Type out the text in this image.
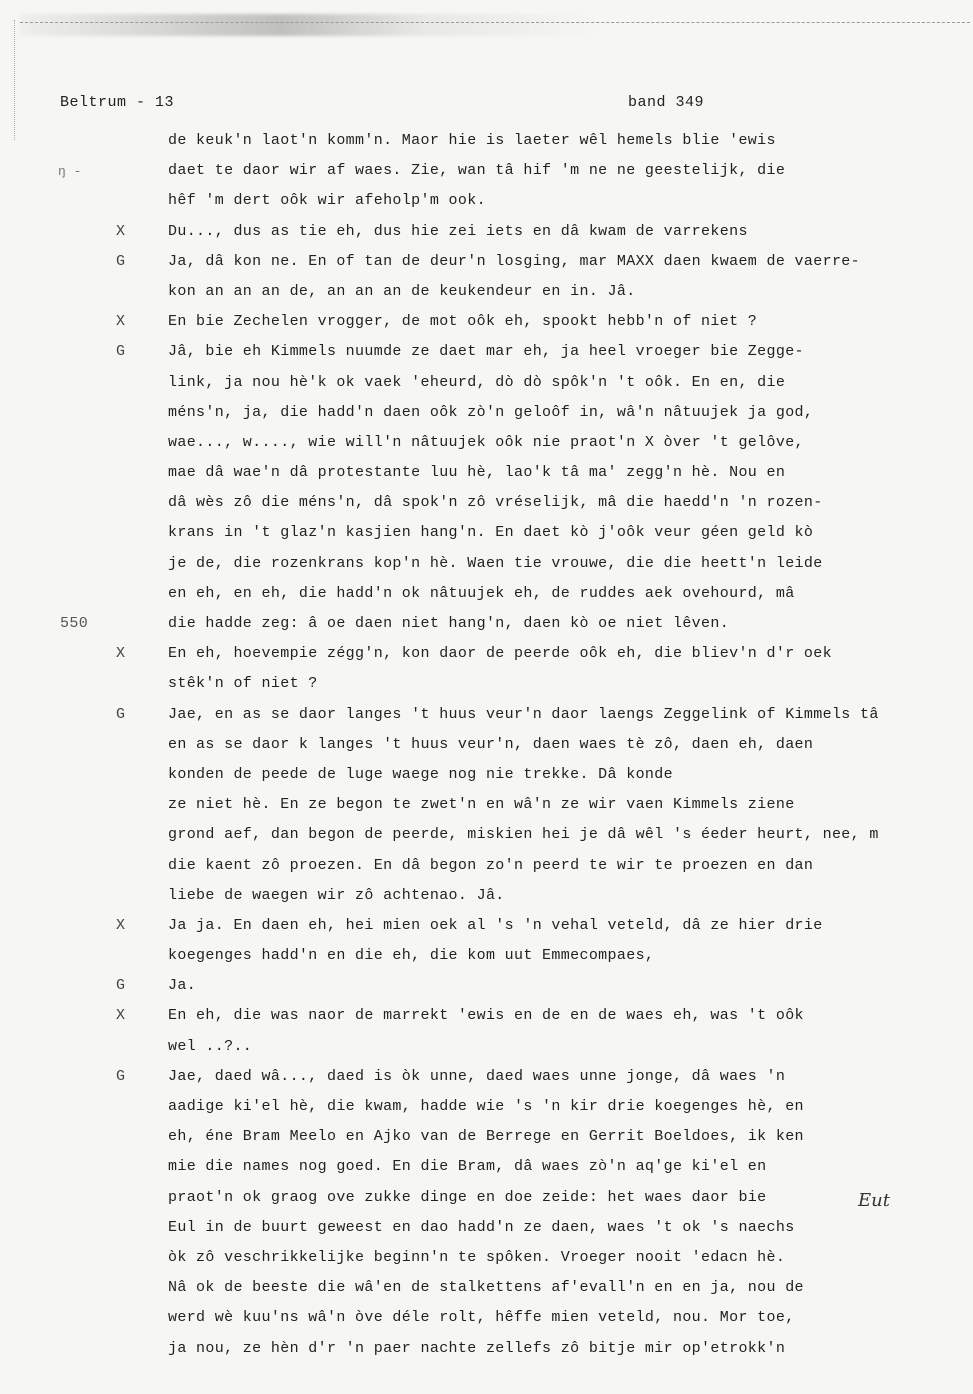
Beltrum - 13	band 349
ŋ -
de keuk'n laot'n komm'n. Maor hie is laeter wêl hemels blie 'ewis
daet te daor wir af waes. Zie, wan tâ hif 'm ne ne geestelijk, die
hêf 'm dert oôk wir afeholp'm ook.
X	Du..., dus as tie eh, dus hie zei iets en dâ kwam de varrekens
G	Ja, dâ kon ne. En of tan de deur'n losging, mar MAXX daen kwaem de vaerre-
kon an an an de, an an an de keukendeur en in. Jâ.
X	En bie Zechelen vrogger, de mot oôk eh, spookt hebb'n of niet ?
G	Jâ, bie eh Kimmels nuumde ze daet mar eh, ja heel vroeger bie Zegge-
link, ja nou hè'k ok vaek 'eheurd, dò dò spôk'n 't oôk. En en, die
méns'n, ja, die hadd'n daen oôk zò'n geloôf in, wâ'n nâtuujek ja god,
wae..., w...., wie will'n nâtuujek oôk nie praot'n X òver 't gelôve,
mae dâ wae'n dâ protestante luu hè, lao'k tâ ma' zegg'n hè. Nou en
dâ wès zô die méns'n, dâ spok'n zô vréselijk, mâ die haedd'n 'n rozen-
krans in 't glaz'n kasjien hang'n. En daet kò j'oôk veur géen geld kò
je de, die rozenkrans kop'n hè. Waen tie vrouwe, die die heett'n leide
en eh, en eh, die hadd'n ok nâtuujek eh, de ruddes aek ovehourd, mâ
550	die hadde zeg: â oe daen niet hang'n, daen kò oe niet lêven.
X	En eh, hoevempie zégg'n, kon daor de peerde oôk eh, die bliev'n d'r oek
stêk'n of niet ?
G	Jae, en as se daor langes 't huus veur'n daor laengs Zeggelink of Kimmels tâ
en as se daor k langes 't huus veur'n, daen waes tè zô, daen eh, daen
konden de peede de luge waege nog nie trekke. Dâ konde
ze niet hè. En ze begon te zwet'n en wâ'n ze wir vaen Kimmels ziene
grond aef, dan begon de peerde, miskien hei je dâ wêl 's éeder heurt, nee, m
die kaent zô proezen. En dâ begon zo'n peerd te wir te proezen en dan
liebe de waegen wir zô achtenao. Jâ.
X	Ja ja. En daen eh, hei mien oek al 's 'n vehal veteld, dâ ze hier drie
koegenges hadd'n en die eh, die kom uut Emmecompaes,
G	Ja.
X	En eh, die was naor de marrekt 'ewis en de en de waes eh, was 't oôk
wel ..?..
G	Jae, daed wâ..., daed is òk unne, daed waes unne jonge, dâ waes 'n
aadige ki'el hè, die kwam, hadde wie 's 'n kir drie koegenges hè, en
eh, éne Bram Meelo en Ajko van de Berrege en Gerrit Boeldoes, ik ken
mie die names nog goed. En die Bram, dâ waes zò'n aq'ge ki'el en
praot'n ok graog ove zukke dinge en doe zeide: het waes daor bie
Eul in de buurt geweest en dao hadd'n ze daen, waes 't ok 's naechs
òk zô veschrikkelijke beginn'n te spôken. Vroeger nooit 'edacn hè.
Nâ ok de beeste die wâ'en de stalkettens af'evall'n en en ja, nou de
werd wè kuu'ns wâ'n òve déle rolt, hêffe mien veteld, nou. Mor toe,
ja nou, ze hèn d'r 'n paer nachte zellefs zô bitje mir op'etrokk'n
Eut
